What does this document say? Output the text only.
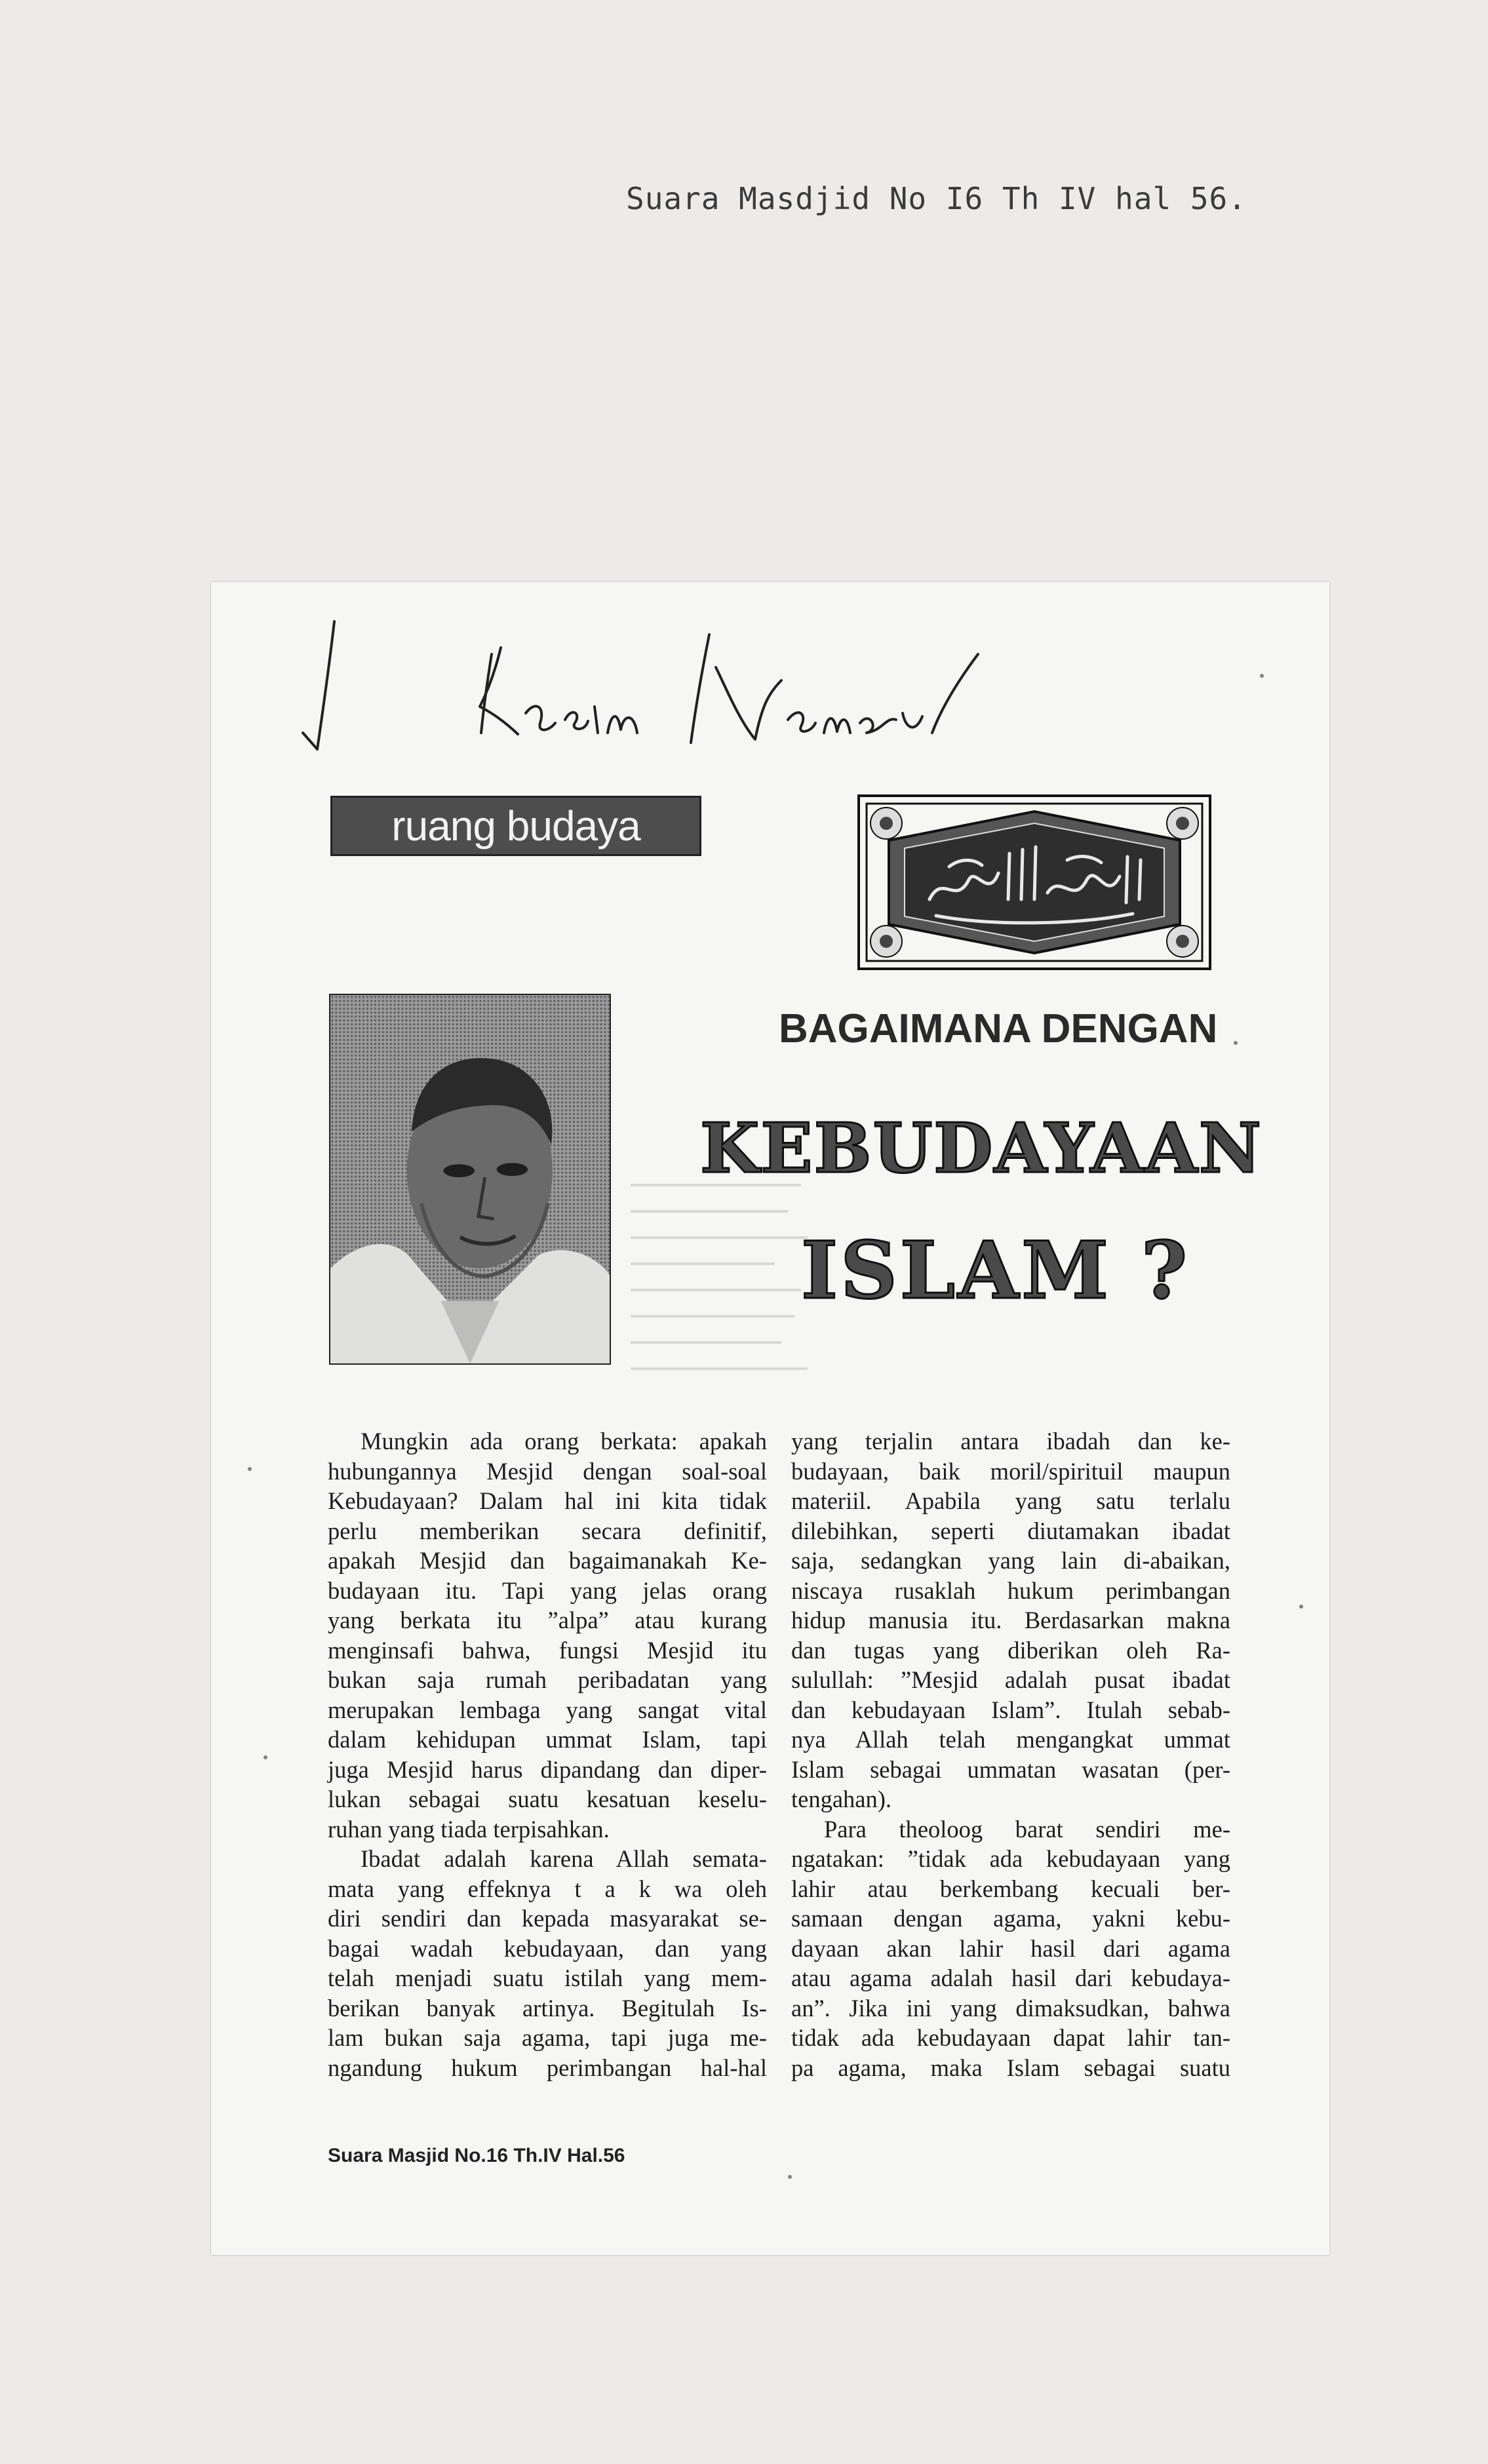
Suara Masdjid No I6 Th IV hal 56.
ruang budaya
BAGAIMANA DENGAN
KEBUDAYAAN
ISLAM ?
Mungkin ada orang berkata: apakah
hubungannya Mesjid dengan soal-soal
Kebudayaan? Dalam hal ini kita tidak
perlu memberikan secara definitif,
apakah Mesjid dan bagaimanakah Ke-
budayaan itu. Tapi yang jelas orang
yang berkata itu ”alpa” atau kurang
menginsafi bahwa, fungsi Mesjid itu
bukan saja rumah peribadatan yang
merupakan lembaga yang sangat vital
dalam kehidupan ummat Islam, tapi
juga Mesjid harus dipandang dan diper-
lukan sebagai suatu kesatuan keselu-
ruhan yang tiada terpisahkan.
Ibadat adalah karena Allah semata-
mata yang effeknya t a k wa oleh
diri sendiri dan kepada masyarakat se-
bagai wadah kebudayaan, dan yang
telah menjadi suatu istilah yang mem-
berikan banyak artinya. Begitulah Is-
lam bukan saja agama, tapi juga me-
ngandung hukum perimbangan hal-hal
yang terjalin antara ibadah dan ke-
budayaan, baik moril/spirituil maupun
materiil. Apabila yang satu terlalu
dilebihkan, seperti diutamakan ibadat
saja, sedangkan yang lain di-abaikan,
niscaya rusaklah hukum perimbangan
hidup manusia itu. Berdasarkan makna
dan tugas yang diberikan oleh Ra-
sulullah: ”Mesjid adalah pusat ibadat
dan kebudayaan Islam”. Itulah sebab-
nya Allah telah mengangkat ummat
Islam sebagai ummatan wasatan (per-
tengahan).
Para theoloog barat sendiri me-
ngatakan: ”tidak ada kebudayaan yang
lahir atau berkembang kecuali ber-
samaan dengan agama, yakni kebu-
dayaan akan lahir hasil dari agama
atau agama adalah hasil dari kebudaya-
an”. Jika ini yang dimaksudkan, bahwa
tidak ada kebudayaan dapat lahir tan-
pa agama, maka Islam sebagai suatu
Suara Masjid No.16 Th.IV Hal.56
